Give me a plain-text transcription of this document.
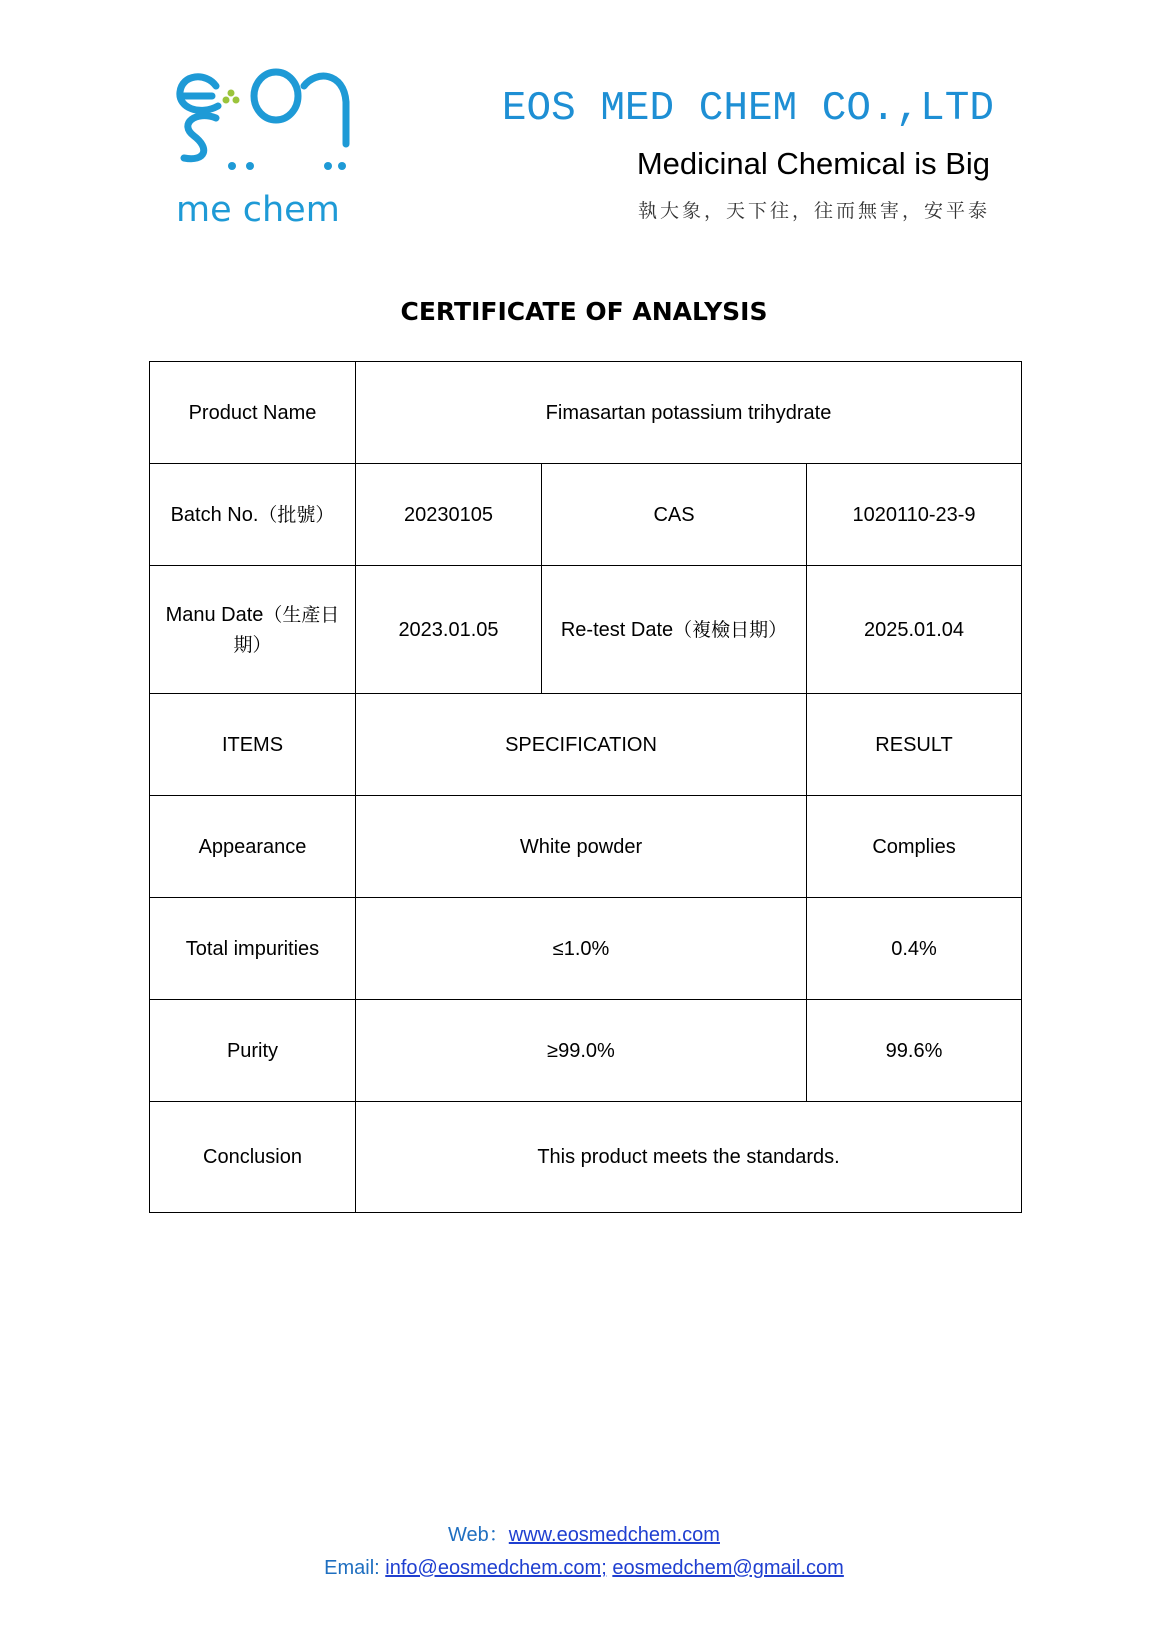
me chem
EOS MED CHEM CO.,LTD
Medicinal Chemical is Big
執大象，天下往，往而無害，安平泰
CERTIFICATE OF ANALYSIS
Product Name	Fimasartan potassium trihydrate		
Batch No.（批號）	20230105	CAS	1020110-23-9
Manu Date（生產日期）	2023.01.05	Re-test Date（複檢日期）	2025.01.04
ITEMS	SPECIFICATION		RESULT
Appearance	White powder		Complies
Total impurities	≤1.0%		0.4%
Purity	≥99.0%		99.6%
Conclusion	This product meets the standards.		
Web：www.eosmedchem.com
Email: info@eosmedchem.com; eosmedchem@gmail.com
